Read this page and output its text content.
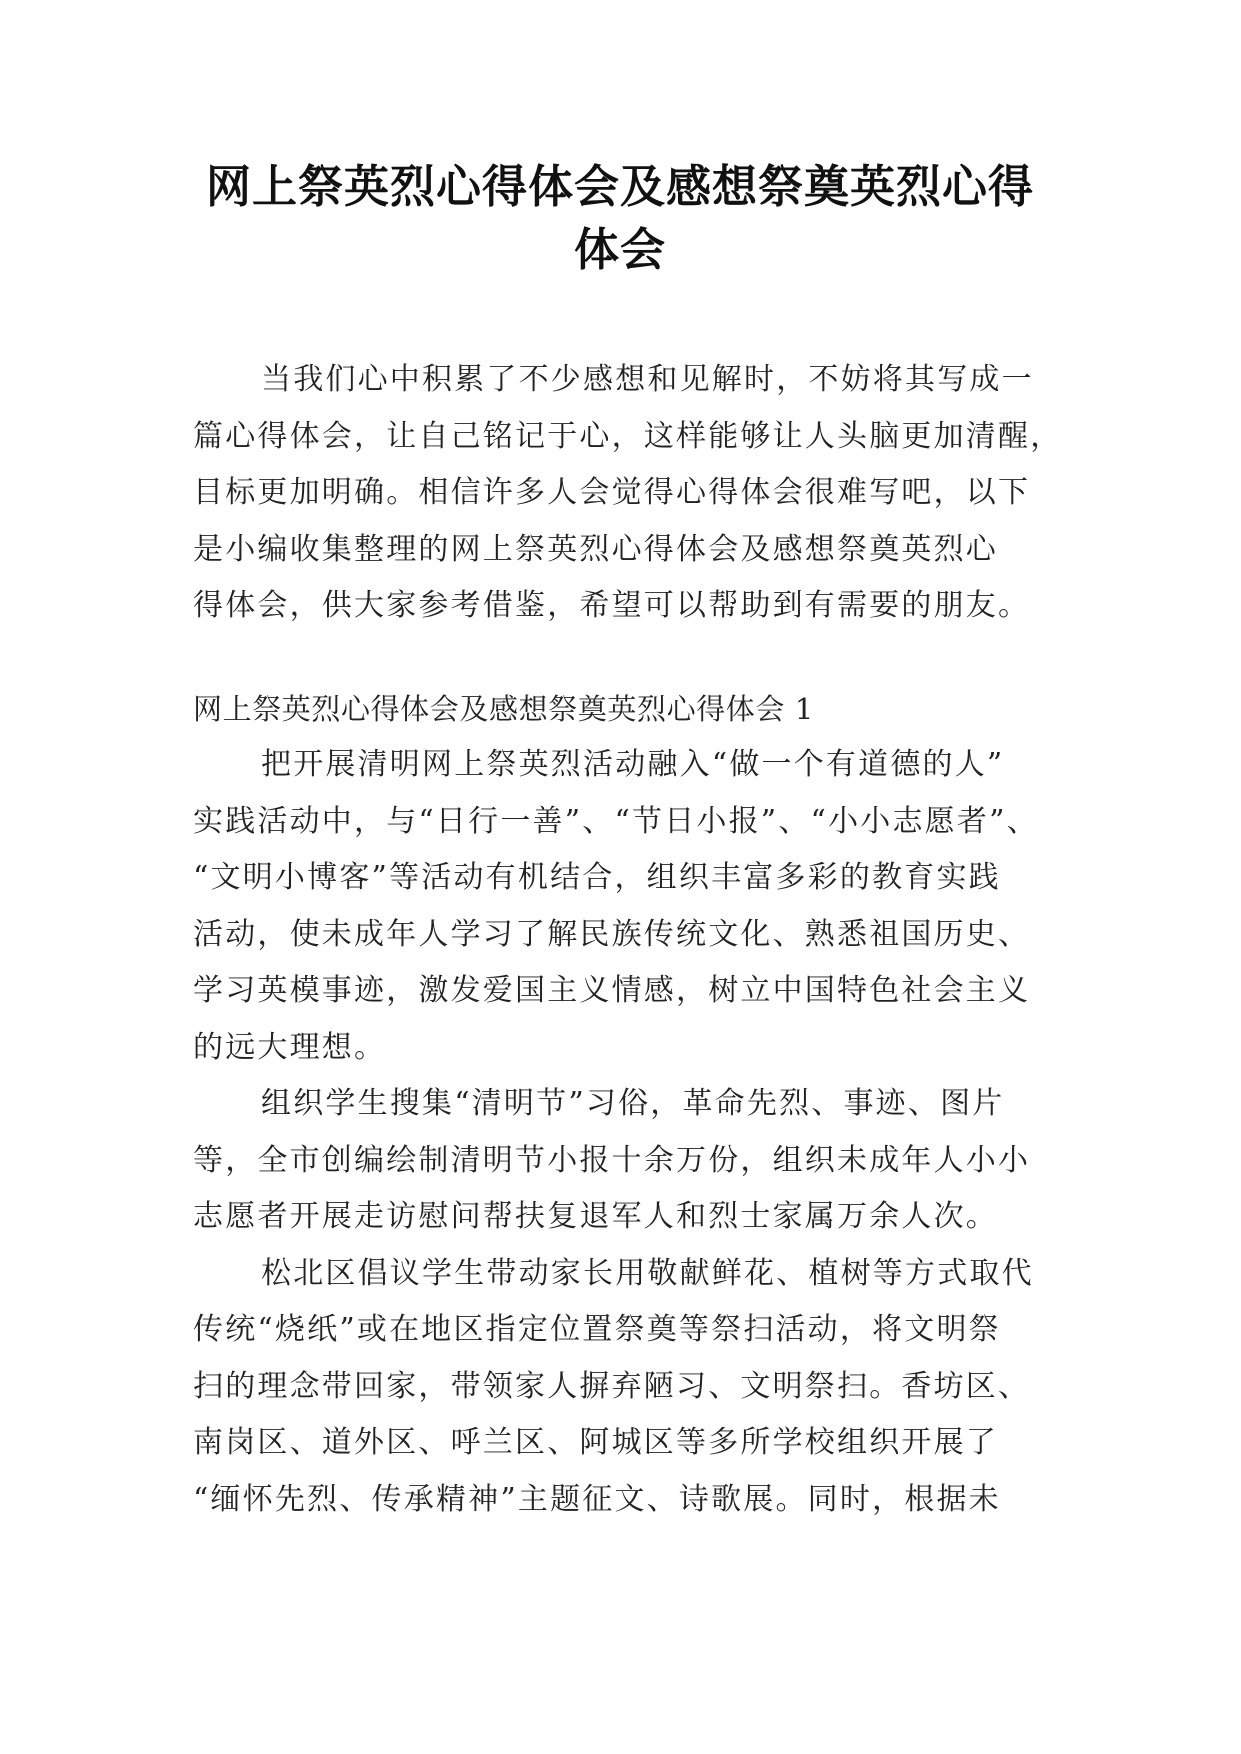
网上祭英烈心得体会及感想祭奠英烈心得
体会
当我们心中积累了不少感想和见解时，不妨将其写成一
篇心得体会，让自己铭记于心，这样能够让人头脑更加清醒，
目标更加明确。相信许多人会觉得心得体会很难写吧，以下
是小编收集整理的网上祭英烈心得体会及感想祭奠英烈心
得体会，供大家参考借鉴，希望可以帮助到有需要的朋友。
网上祭英烈心得体会及感想祭奠英烈心得体会 1
把开展清明网上祭英烈活动融入“做一个有道德的人”
实践活动中，与“日行一善”、“节日小报”、“小小志愿者”、
“文明小博客”等活动有机结合，组织丰富多彩的教育实践
活动，使未成年人学习了解民族传统文化、熟悉祖国历史、
学习英模事迹，激发爱国主义情感，树立中国特色社会主义
的远大理想。
组织学生搜集“清明节”习俗，革命先烈、事迹、图片
等，全市创编绘制清明节小报十余万份，组织未成年人小小
志愿者开展走访慰问帮扶复退军人和烈士家属万余人次。
松北区倡议学生带动家长用敬献鲜花、植树等方式取代
传统“烧纸”或在地区指定位置祭奠等祭扫活动，将文明祭
扫的理念带回家，带领家人摒弃陋习、文明祭扫。香坊区、
南岗区、道外区、呼兰区、阿城区等多所学校组织开展了
“缅怀先烈、传承精神”主题征文、诗歌展。同时，根据未
